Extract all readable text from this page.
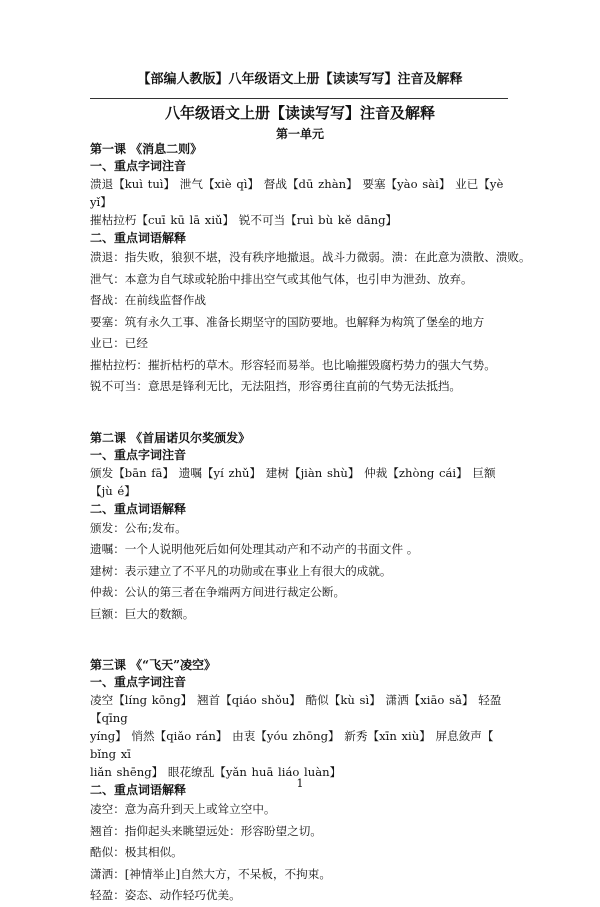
【部编人教版】八年级语文上册【读读写写】注音及解释
八年级语文上册【读读写写】注音及解释
第一单元
第一课 《消息二则》
一、重点字词注音
溃退【kuì tuì】 泄气【xiè qì】 督战【dū zhàn】 要塞【yào sài】 业已【yè yǐ】
摧枯拉朽【cuī kū lā xiǔ】 锐不可当【ruì bù kě dāng】
二、重点词语解释
溃退：指失败，狼狈不堪，没有秩序地撤退。战斗力微弱。溃：在此意为溃散、溃败。
泄气：本意为自气球或轮胎中排出空气或其他气体，也引申为泄劲、放弃。
督战：在前线监督作战
要塞：筑有永久工事、准备长期坚守的国防要地。也解释为构筑了堡垒的地方
业已：已经
摧枯拉朽：摧折枯朽的草木。形容轻而易举。也比喻摧毁腐朽势力的强大气势。
锐不可当：意思是锋利无比，无法阻挡，形容勇往直前的气势无法抵挡。
第二课 《首届诺贝尔奖颁发》
一、重点字词注音
颁发【bān fā】 遗嘱【yí zhǔ】 建树【jiàn shù】 仲裁【zhòng cái】 巨额【jù é】
二、重点词语解释
颁发：公布;发布。
遗嘱：一个人说明他死后如何处理其动产和不动产的书面文件 。
建树：表示建立了不平凡的功勋或在事业上有很大的成就。
仲裁：公认的第三者在争端两方间进行裁定公断。
巨额：巨大的数额。
第三课 《“飞天”凌空》
一、重点字词注音
凌空【líng kōng】 翘首【qiáo shǒu】 酷似【kù sì】 潇洒【xiāo sǎ】 轻盈【qīng
yíng】 悄然【qiǎo rán】 由衷【yóu zhōng】 新秀【xīn xiù】 屏息敛声【 bǐng xī
liǎn shēng】 眼花缭乱【yǎn huā liáo luàn】
二、重点词语解释
凌空：意为高升到天上或耸立空中。
翘首：指仰起头来眺望远处：形容盼望之切。
酷似：极其相似。
潇洒：[神情举止]自然大方，不呆板，不拘束。
轻盈：姿态、动作轻巧优美。
1
